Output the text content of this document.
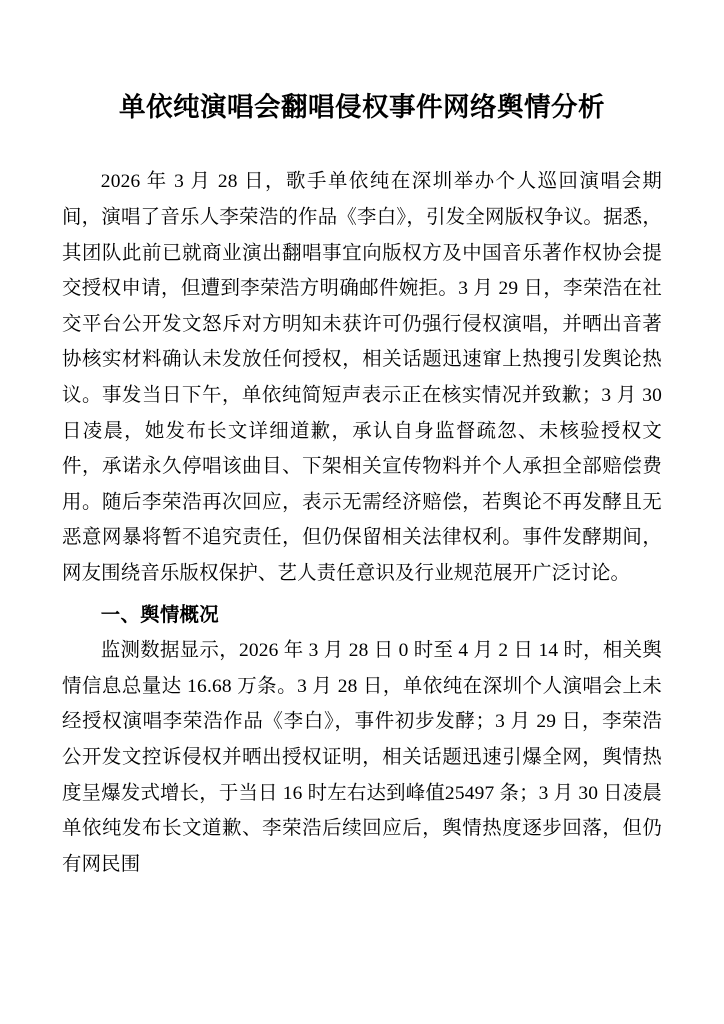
单依纯演唱会翻唱侵权事件网络舆情分析

2026 年 3 月 28 日，歌手单依纯在深圳举办个人巡回演唱会期间，演唱了音乐人李荣浩的作品《李白》，引发全网版权争议。据悉，其团队此前已就商业演出翻唱事宜向版权方及中国音乐著作权协会提交授权申请，但遭到李荣浩方明确邮件婉拒。3 月 29 日，李荣浩在社交平台公开发文怒斥对方明知未获许可仍强行侵权演唱，并晒出音著协核实材料确认未发放任何授权，相关话题迅速窜上热搜引发舆论热议。事发当日下午，单依纯简短声表示正在核实情况并致歉；3 月 30 日凌晨，她发布长文详细道歉，承认自身监督疏忽、未核验授权文件，承诺永久停唱该曲目、下架相关宣传物料并个人承担全部赔偿费用。随后李荣浩再次回应，表示无需经济赔偿，若舆论不再发酵且无恶意网暴将暂不追究责任，但仍保留相关法律权利。事件发酵期间，网友围绕音乐版权保护、艺人责任意识及行业规范展开广泛讨论。

一、舆情概况

监测数据显示，2026 年 3 月 28 日 0 时至 4 月 2 日 14 时，相关舆情信息总量达 16.68 万条。3 月 28 日，单依纯在深圳个人演唱会上未经授权演唱李荣浩作品《李白》，事件初步发酵；3 月 29 日，李荣浩公开发文控诉侵权并晒出授权证明，相关话题迅速引爆全网，舆情热度呈爆发式增长，于当日 16 时左右达到峰值25497 条；3 月 30 日凌晨单依纯发布长文道歉、李荣浩后续回应后，舆情热度逐步回落，但仍有网民围
